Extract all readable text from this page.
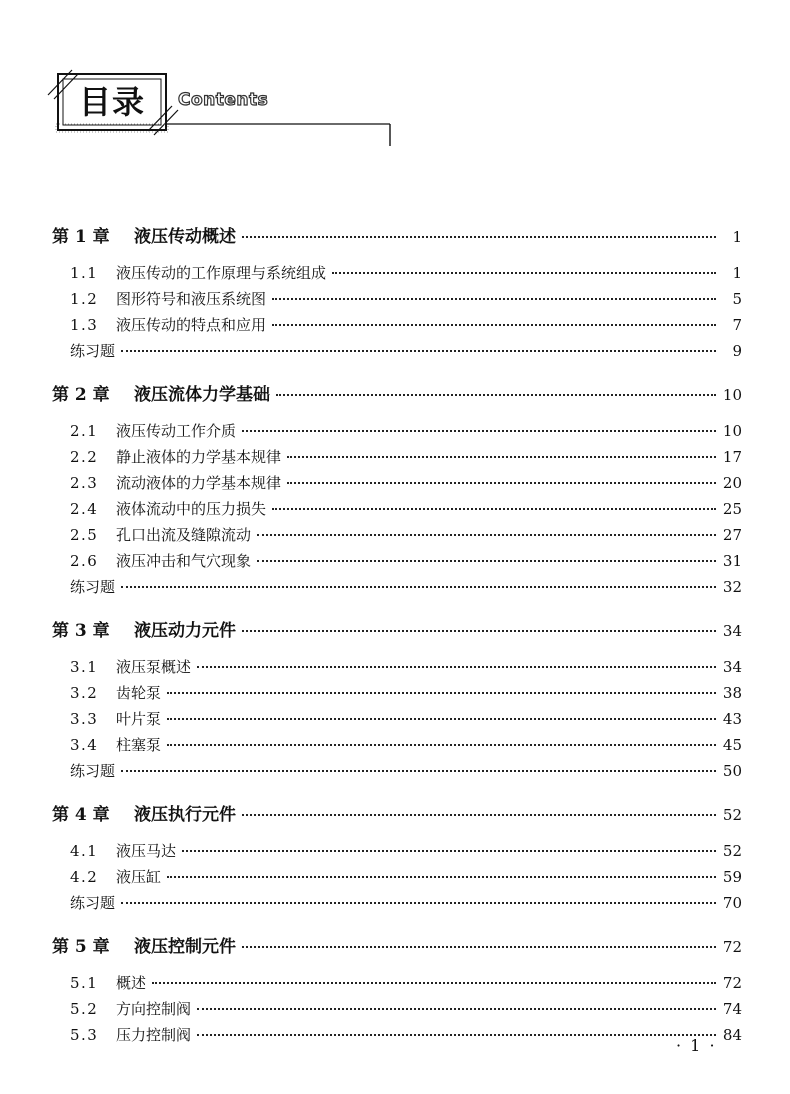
目录	Contents
第 1 章	液压传动概述	1
1.1	液压传动的工作原理与系统组成	1
1.2	图形符号和液压系统图	5
1.3	液压传动的特点和应用	7
练习题	9
第 2 章	液压流体力学基础	10
2.1	液压传动工作介质	10
2.2	静止液体的力学基本规律	17
2.3	流动液体的力学基本规律	20
2.4	液体流动中的压力损失	25
2.5	孔口出流及缝隙流动	27
2.6	液压冲击和气穴现象	31
练习题	32
第 3 章	液压动力元件	34
3.1	液压泵概述	34
3.2	齿轮泵	38
3.3	叶片泵	43
3.4	柱塞泵	45
练习题	50
第 4 章	液压执行元件	52
4.1	液压马达	52
4.2	液压缸	59
练习题	70
第 5 章	液压控制元件	72
5.1	概述	72
5.2	方向控制阀	74
5.3	压力控制阀	84
· 1 ·
